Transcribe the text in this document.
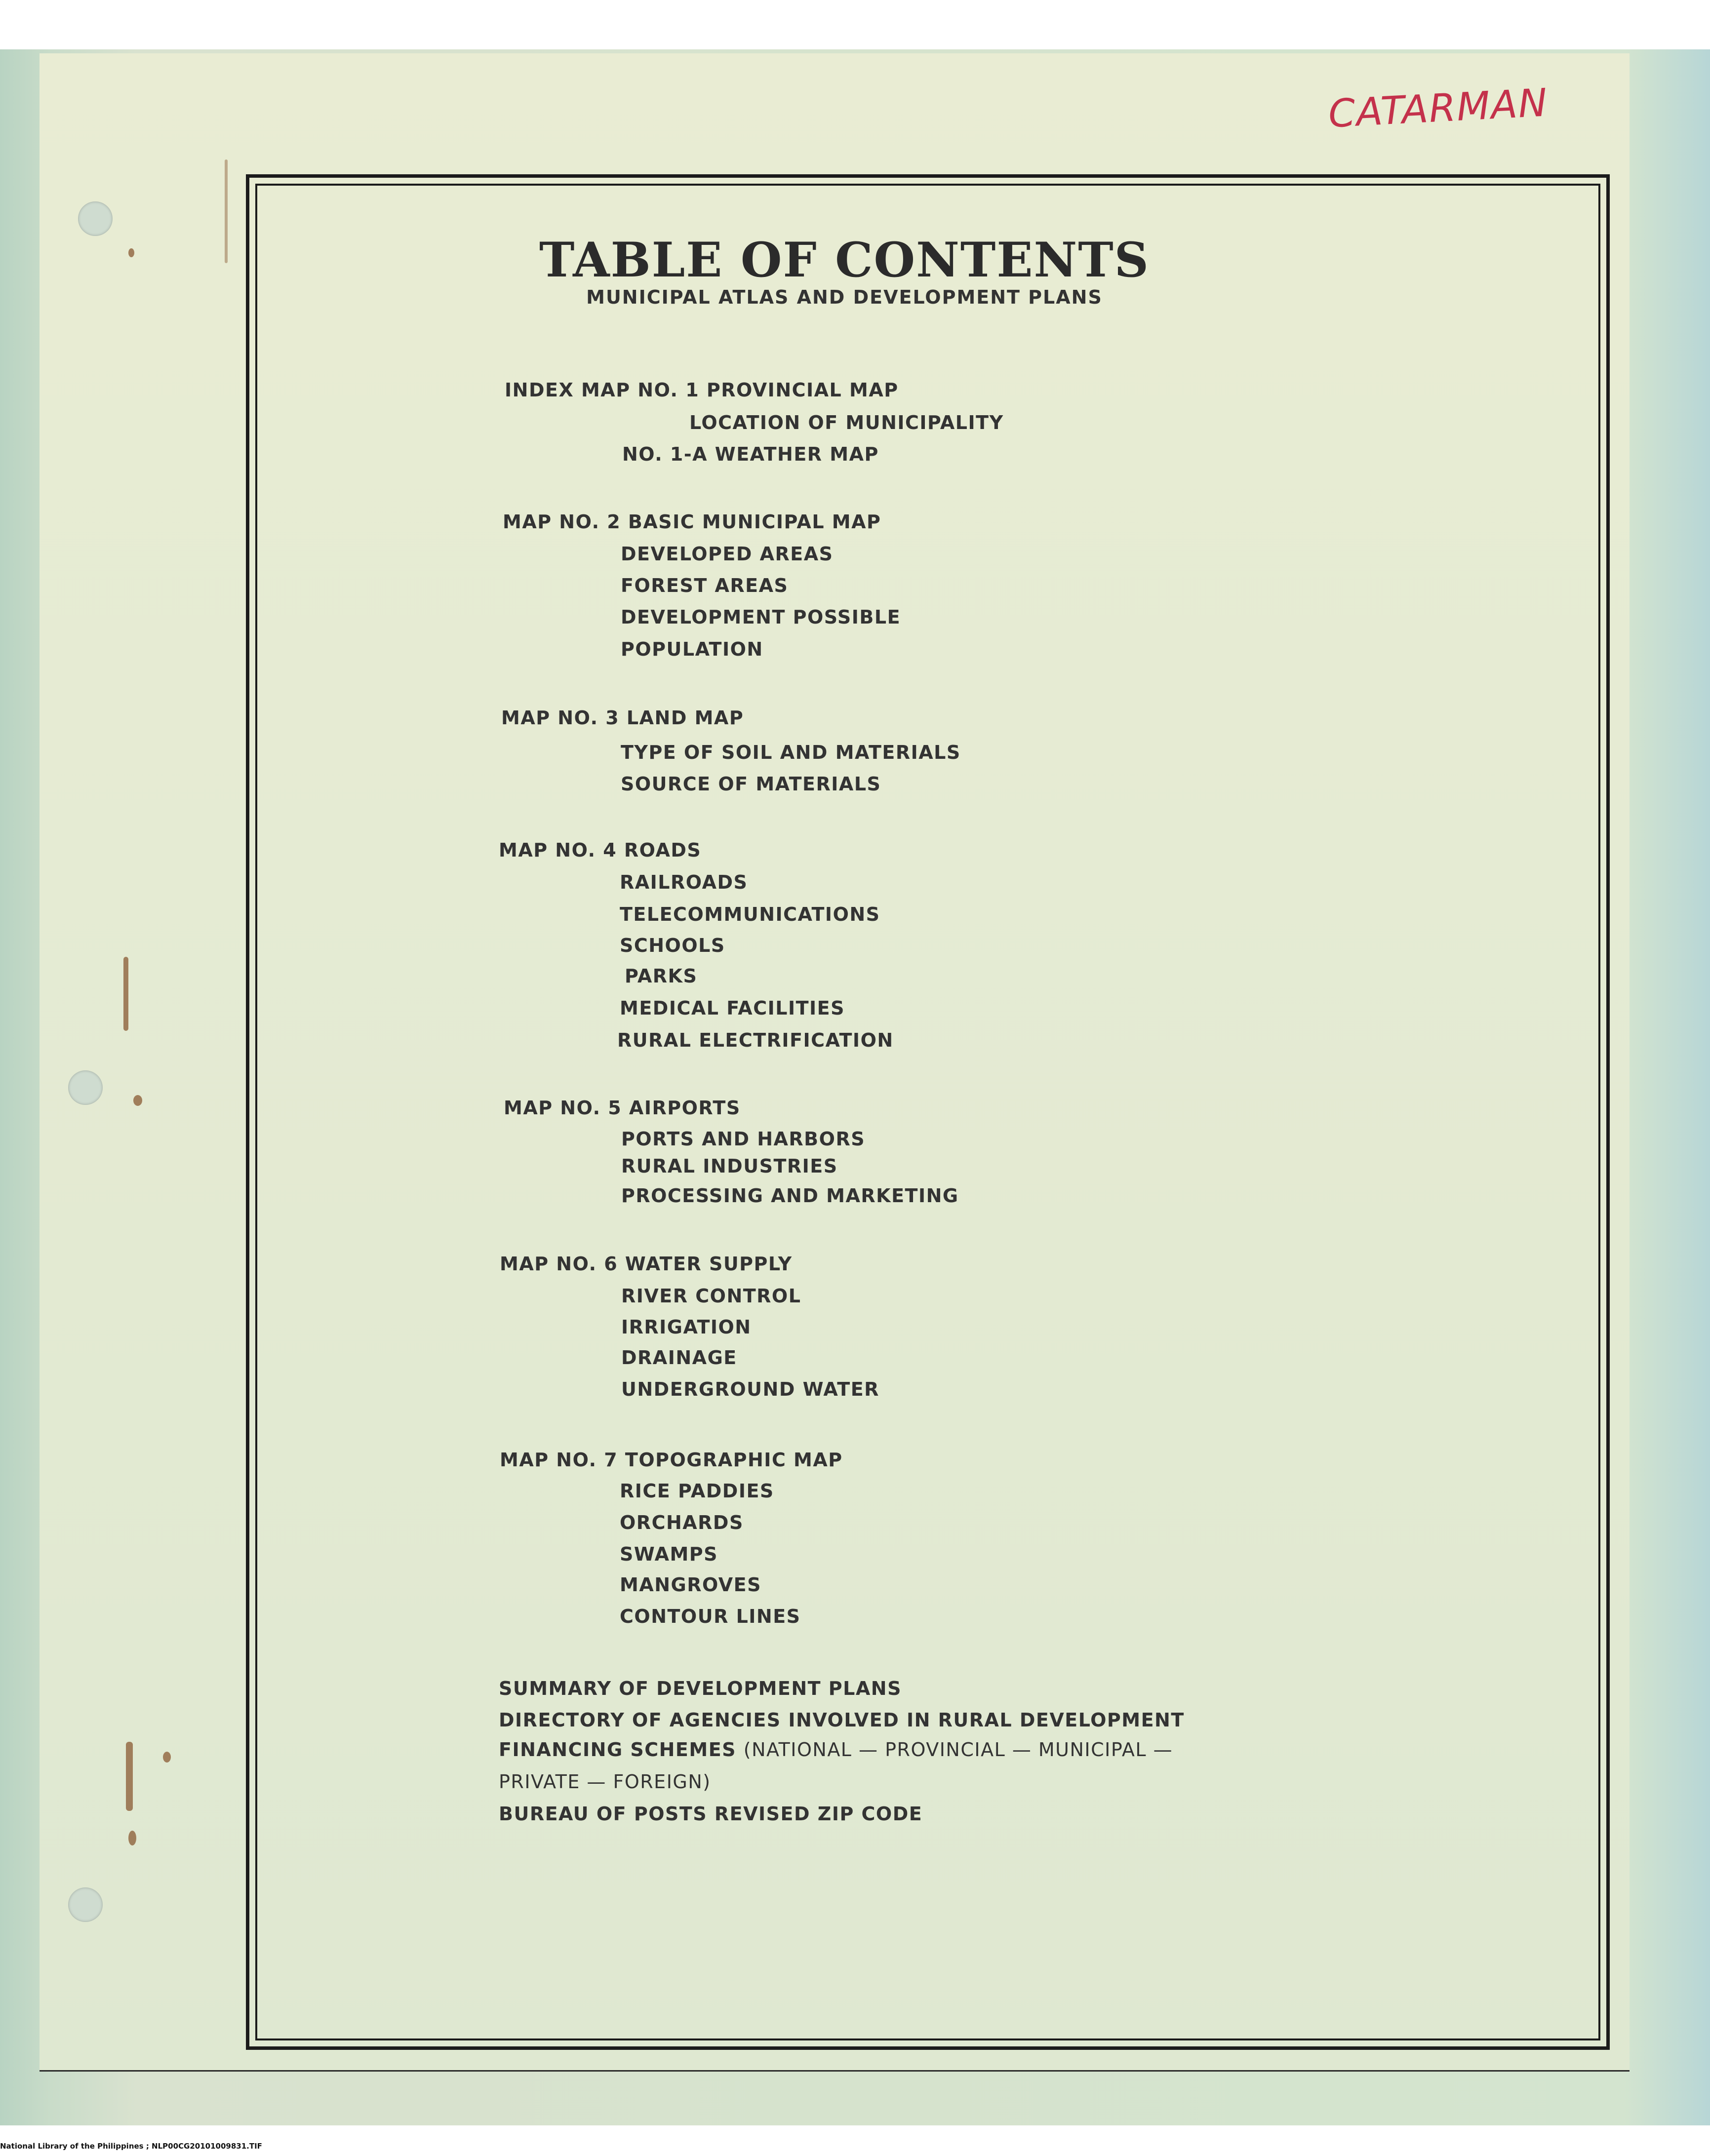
CATARMAN
TABLE OF CONTENTS
MUNICIPAL ATLAS AND DEVELOPMENT PLANS
INDEX MAP NO. 1 PROVINCIAL MAP
LOCATION OF MUNICIPALITY
NO. 1-A WEATHER MAP
MAP NO. 2 BASIC MUNICIPAL MAP
DEVELOPED AREAS
FOREST AREAS
DEVELOPMENT POSSIBLE
POPULATION
MAP NO. 3 LAND MAP
TYPE OF SOIL AND MATERIALS
SOURCE OF MATERIALS
MAP NO. 4 ROADS
RAILROADS
TELECOMMUNICATIONS
SCHOOLS
PARKS
MEDICAL FACILITIES
RURAL ELECTRIFICATION
MAP NO. 5 AIRPORTS
PORTS AND HARBORS
RURAL INDUSTRIES
PROCESSING AND MARKETING
MAP NO. 6 WATER SUPPLY
RIVER CONTROL
IRRIGATION
DRAINAGE
UNDERGROUND WATER
MAP NO. 7 TOPOGRAPHIC MAP
RICE PADDIES
ORCHARDS
SWAMPS
MANGROVES
CONTOUR LINES
SUMMARY OF DEVELOPMENT PLANS
DIRECTORY OF AGENCIES INVOLVED IN RURAL DEVELOPMENT
FINANCING SCHEMES (NATIONAL — PROVINCIAL — MUNICIPAL —
PRIVATE — FOREIGN)
BUREAU OF POSTS REVISED ZIP CODE
National Library of the Philippines ; NLP00CG20101009831.TIF
